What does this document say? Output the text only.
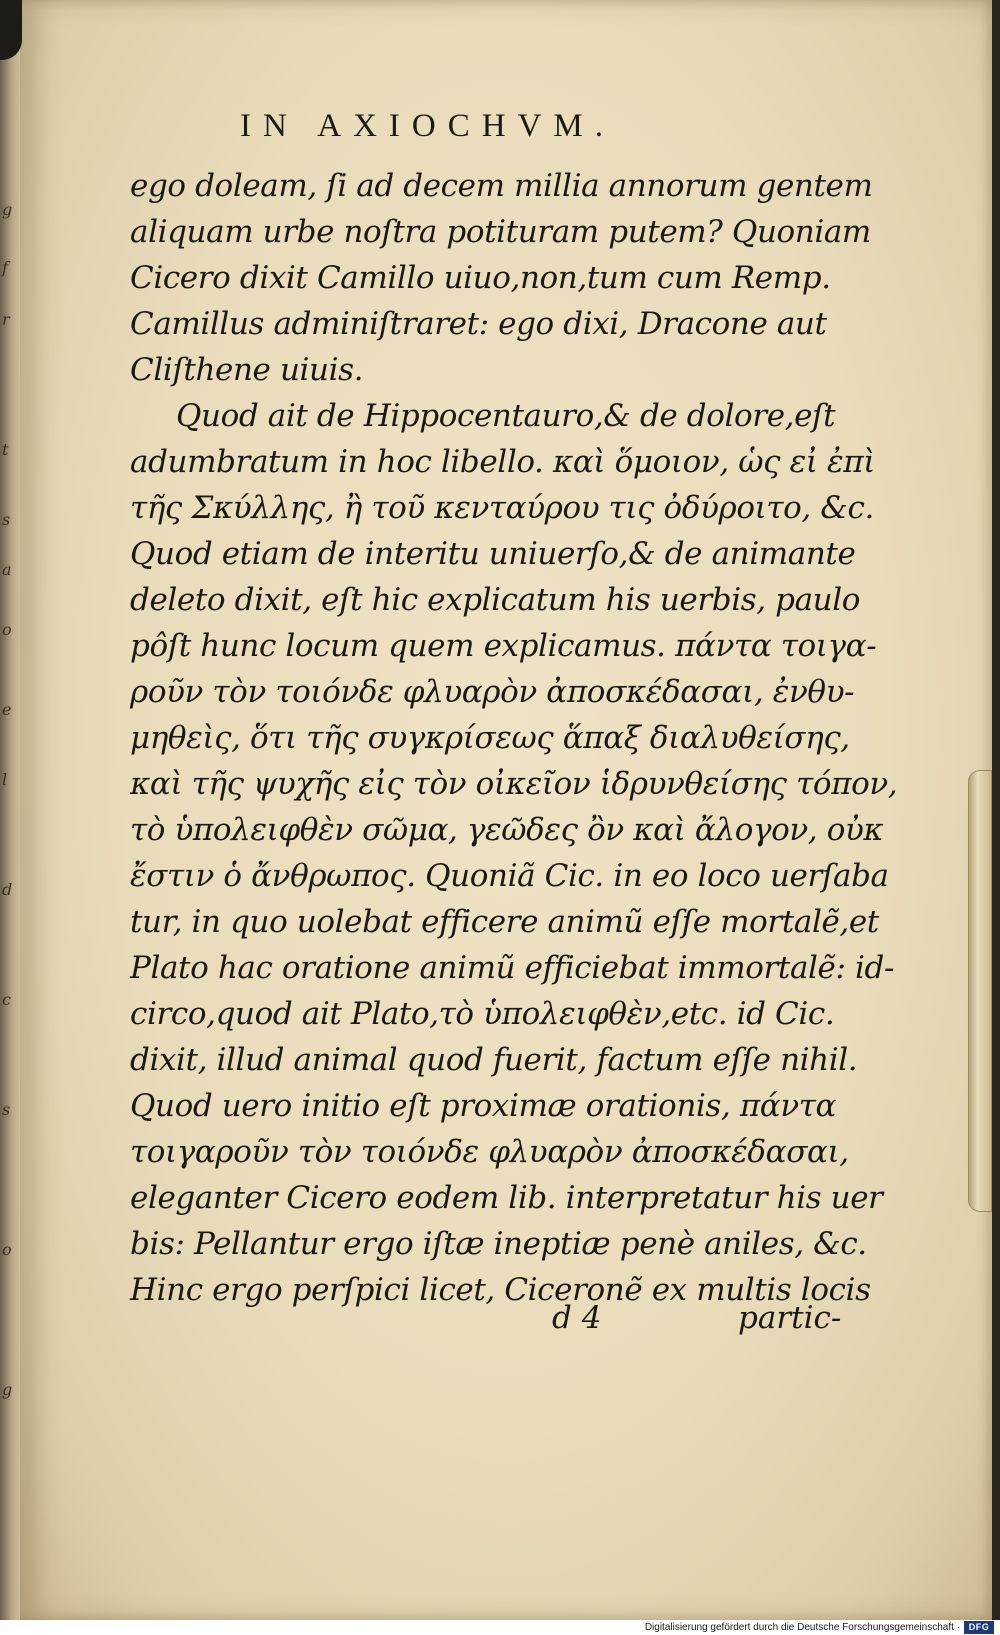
g
f
r
t
s
a
o
e
l
d
c
s
o
g
IN AXIOCHVM.
ego doleam, ſi ad decem millia annorum gentem
aliquam urbe noſtra potituram putem? Quoniam
Cicero dixit Camillo uiuo,non,tum cum Remp.
Camillus adminiſtraret: ego dixi, Dracone aut
Cliſthene uiuis.
Quod ait de Hippocentauro,& de dolore,eſt
adumbratum in hoc libello. καὶ ὅμοιον, ὡς εἰ ἐπὶ
τῆς Σκύλλης, ἢ τοῦ κενταύρου τις ὀδύροιτο, &c.
Quod etiam de interitu uniuerſo,& de animante
deleto dixit, eſt hic explicatum his uerbis, paulo
pôſt hunc locum quem explicamus. πάντα τοιγα-
ροῦν τὸν τοιόνδε φλυαρὸν ἀποσκέδασαι, ἐνθυ-
μηθεὶς, ὅτι τῆς συγκρίσεως ἅπαξ διαλυθείσης,
καὶ τῆς ψυχῆς εἰς τὸν οἰκεῖον ἱδρυνθείσης τόπον,
τὸ ὑπολειφθὲν σῶμα, γεῶδες ὂν καὶ ἄλογον, οὐκ
ἔστιν ὁ ἄνθρωπος. Quoniã Cic. in eo loco uerſaba
tur, in quo uolebat efficere animũ eſſe mortalẽ,et
Plato hac oratione animũ efficiebat immortalẽ: id-
circo,quod ait Plato,τὸ ὑπολειφθὲν,etc. id Cic.
dixit, illud animal quod fuerit, factum eſſe nihil.
Quod uero initio eſt proximæ orationis, πάντα
τοιγαροῦν τὸν τοιόνδε φλυαρὸν ἀποσκέδασαι,
eleganter Cicero eodem lib. interpretatur his uer
bis: Pellantur ergo iſtæ ineptiæ penè aniles, &c.
Hinc ergo perſpici licet, Ciceronẽ ex multis locis
d 4	partic-
Digitalisierung gefördert durch die Deutsche Forschungsgemeinschaft · DFG
